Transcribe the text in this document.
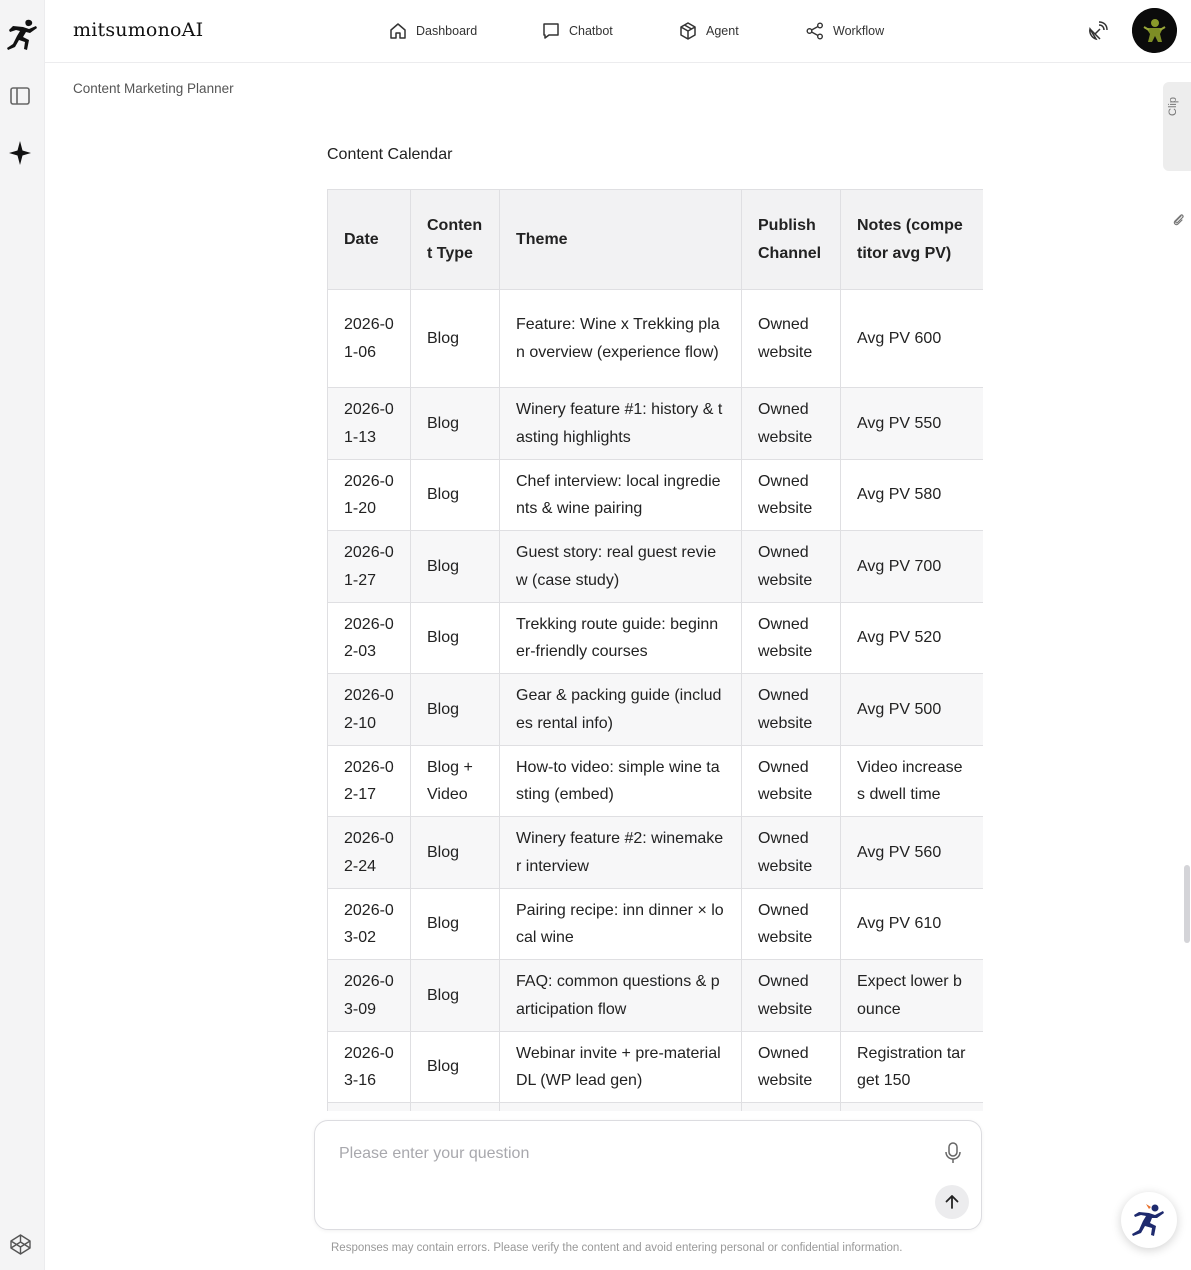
mitsumonoAI	Dashboard	Chatbot	Agent	Workflow
Content Marketing Planner
Clip
Content Calendar
Date	Content Type	Theme	Publish Channel	Notes (competitor avg PV)
2026-01-06	Blog	Feature: Wine x Trekking plan overview (experience flow)	Owned website	Avg PV 600
2026-01-13	Blog	Winery feature #1: history & tasting highlights	Owned website	Avg PV 550
2026-01-20	Blog	Chef interview: local ingredients & wine pairing	Owned website	Avg PV 580
2026-01-27	Blog	Guest story: real guest review (case study)	Owned website	Avg PV 700
2026-02-03	Blog	Trekking route guide: beginner-friendly courses	Owned website	Avg PV 520
2026-02-10	Blog	Gear & packing guide (includes rental info)	Owned website	Avg PV 500
2026-02-17	Blog + Video	How-to video: simple wine tasting (embed)	Owned website	Video increases dwell time
2026-02-24	Blog	Winery feature #2: winemaker interview	Owned website	Avg PV 560
2026-03-02	Blog	Pairing recipe: inn dinner × local wine	Owned website	Avg PV 610
2026-03-09	Blog	FAQ: common questions & participation flow	Owned website	Expect lower bounce
2026-03-16	Blog	Webinar invite + pre-material DL (WP lead gen)	Owned website	Registration target 150

Please enter your question
Responses may contain errors. Please verify the content and avoid entering personal or confidential information.
